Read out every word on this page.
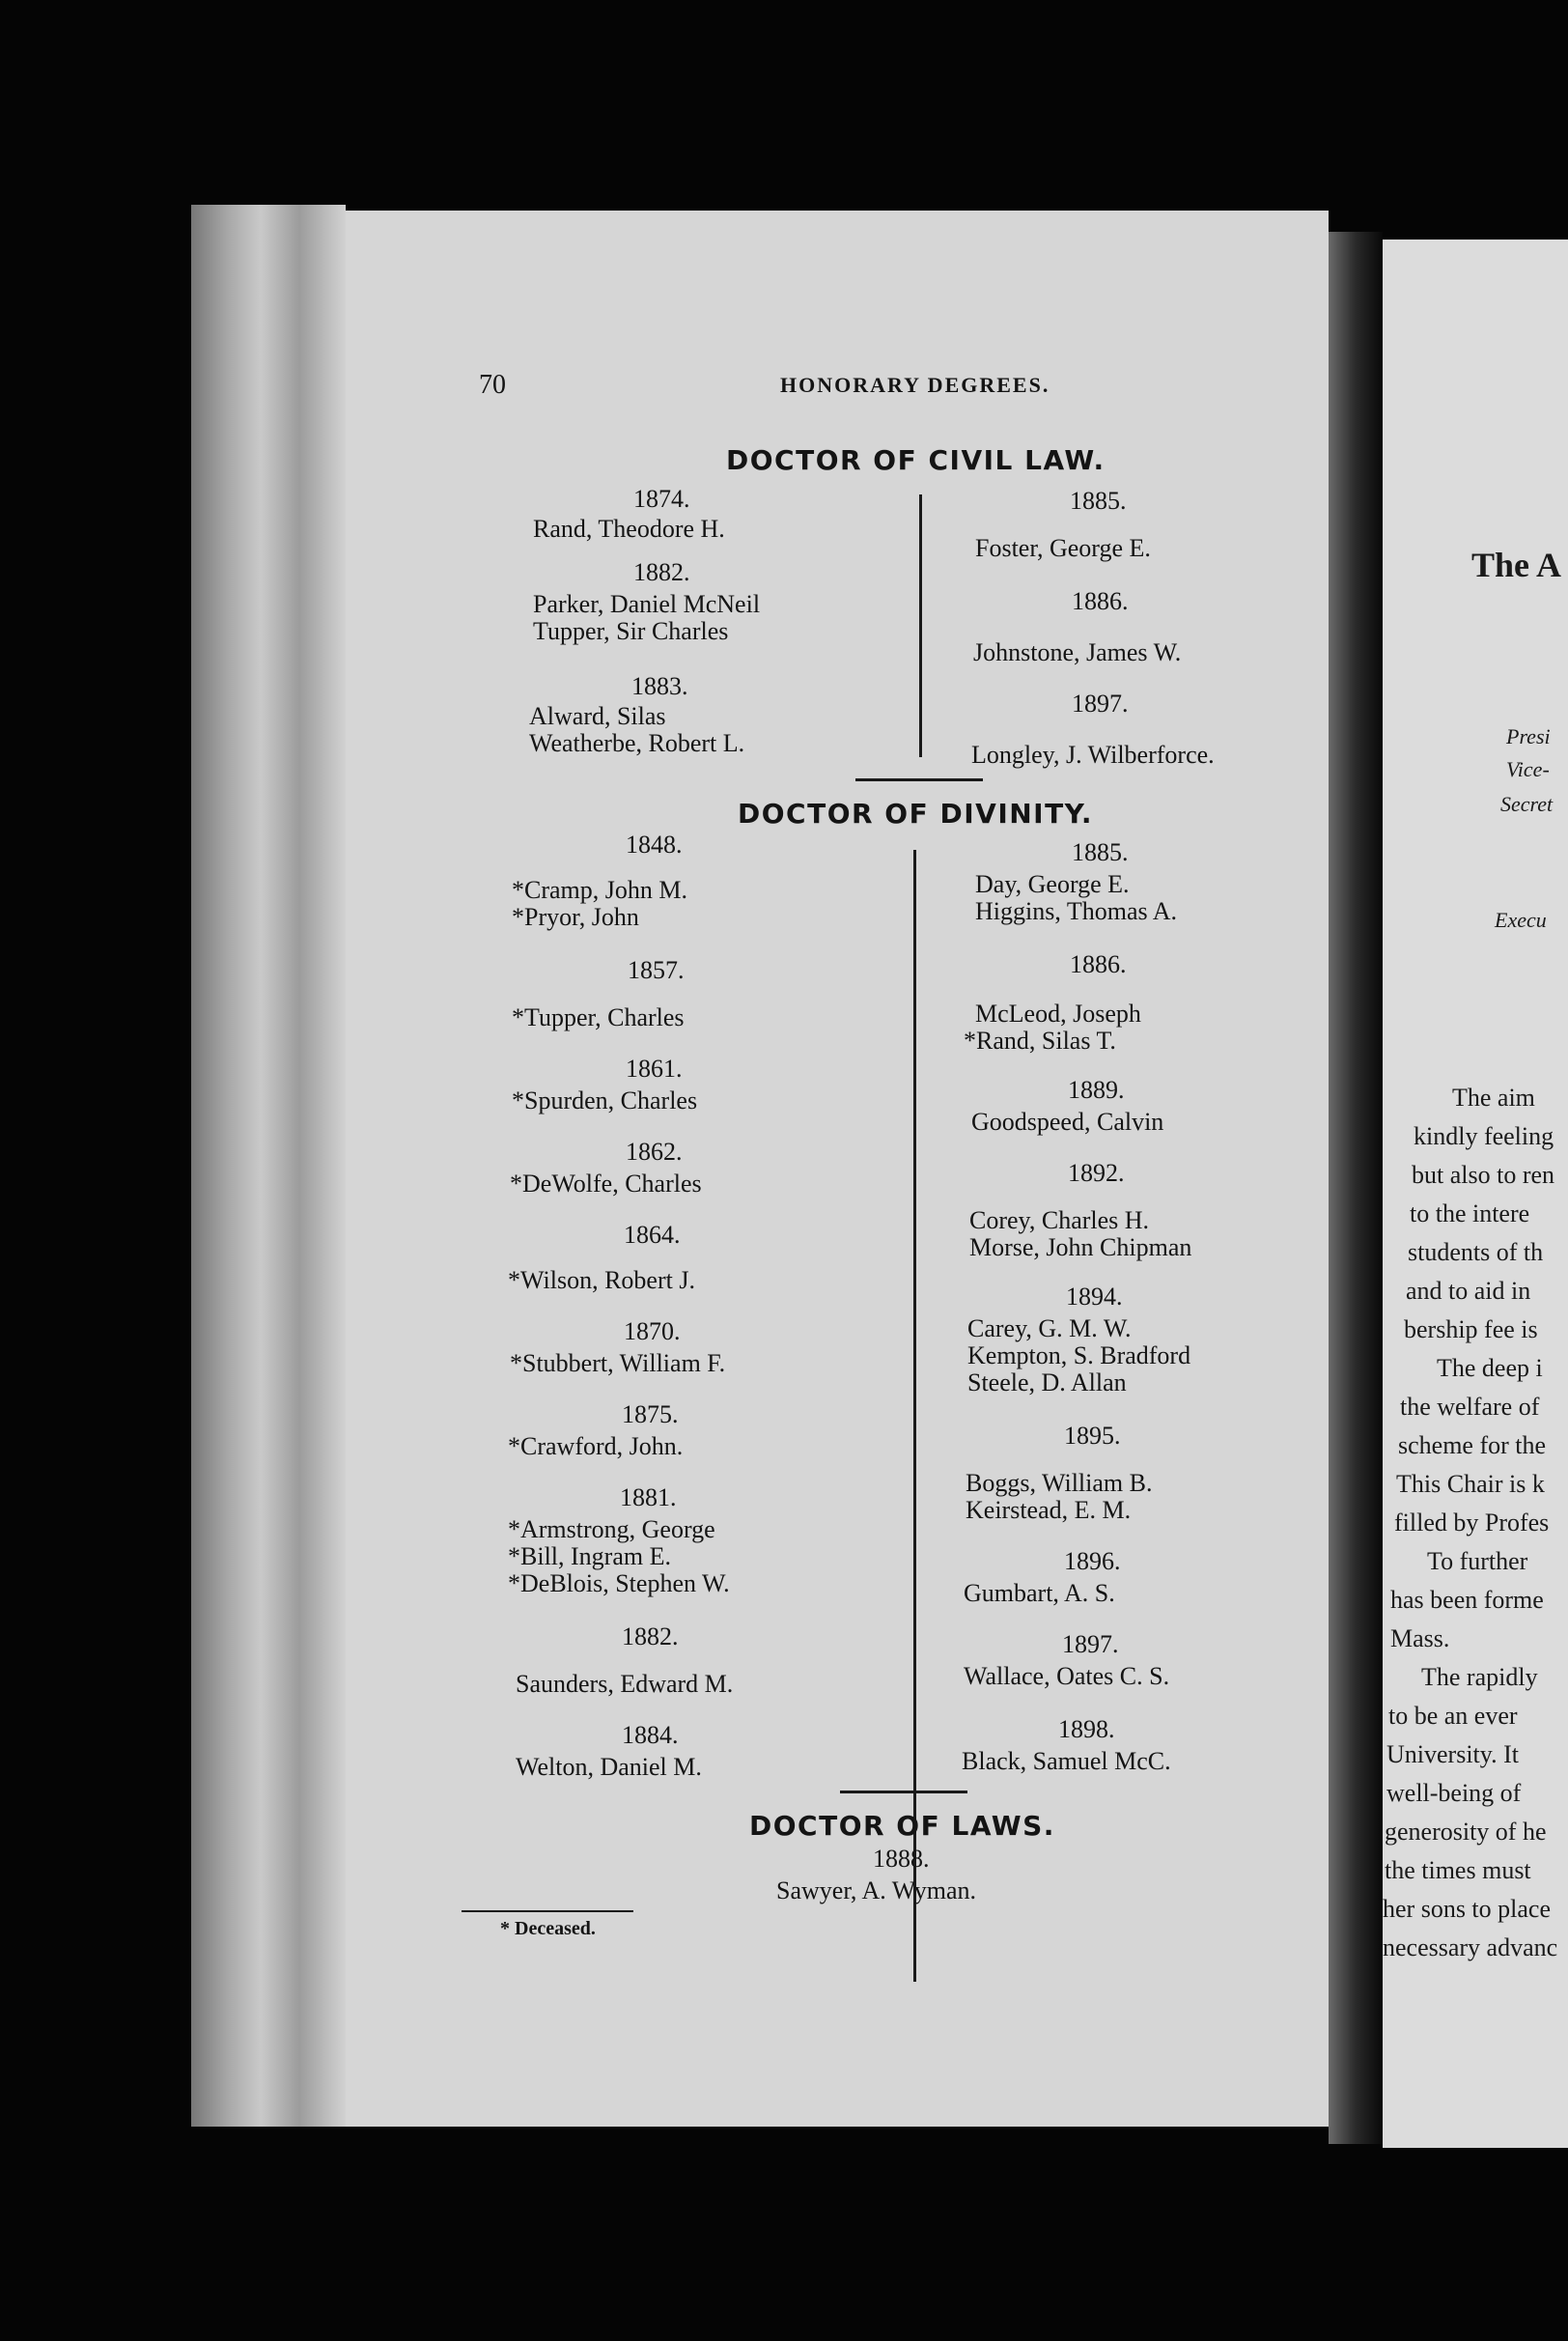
70	HONORARY DEGREES.
DOCTOR OF CIVIL LAW.
1874.
Rand, Theodore H.
1882.
Parker, Daniel McNeil
Tupper, Sir Charles
1883.
Alward, Silas
Weatherbe, Robert L.
1885.
Foster, George E.
1886.
Johnstone, James W.
1897.
Longley, J. Wilberforce.
DOCTOR OF DIVINITY.
1848.
*Cramp, John M.
*Pryor, John
1857.
*Tupper, Charles
1861.
*Spurden, Charles
1862.
*DeWolfe, Charles
1864.
*Wilson, Robert J.
1870.
*Stubbert, William F.
1875.
*Crawford, John.
1881.
*Armstrong, George
*Bill, Ingram E.
*DeBlois, Stephen W.
1882.
Saunders, Edward M.
1884.
Welton, Daniel M.
1885.
Day, George E.
Higgins, Thomas A.
1886.
McLeod, Joseph
*Rand, Silas T.
1889.
Goodspeed, Calvin
1892.
Corey, Charles H.
Morse, John Chipman
1894.
Carey, G. M. W.
Kempton, S. Bradford
Steele, D. Allan
1895.
Boggs, William B.
Keirstead, E. M.
1896.
Gumbart, A. S.
1897.
Wallace, Oates C. S.
1898.
Black, Samuel McC.
DOCTOR OF LAWS.
1888.
Sawyer, A. Wyman.
* Deceased.
The A
Presi
Vice-
Secret
Execu
The aim
kindly feeling
but also to ren
to the intere
students of th
and to aid in
bership fee is
The deep i
the welfare of
scheme for the
This Chair is k
filled by Profes
To further
has been forme
Mass.
The rapidly
to be an ever
University. It
well-being of
generosity of he
the times must
her sons to place
necessary advanc
